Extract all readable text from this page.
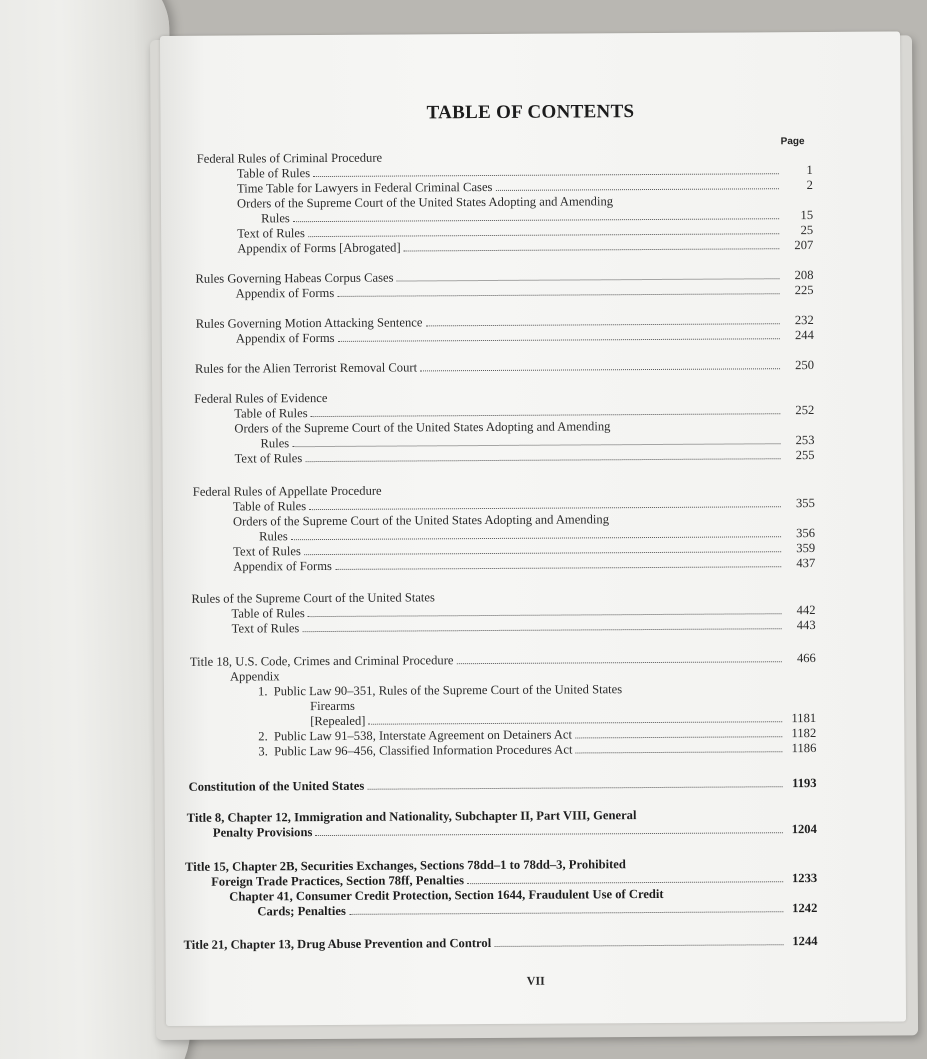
TABLE OF CONTENTS
Page
Federal Rules of Criminal Procedure
Table of Rules	1
Time Table for Lawyers in Federal Criminal Cases	2
Orders of the Supreme Court of the United States Adopting and Amending
Rules	15
Text of Rules	25
Appendix of Forms [Abrogated]	207
Rules Governing Habeas Corpus Cases	208
Appendix of Forms	225
Rules Governing Motion Attacking Sentence	232
Appendix of Forms	244
Rules for the Alien Terrorist Removal Court	250
Federal Rules of Evidence
Table of Rules	252
Orders of the Supreme Court of the United States Adopting and Amending
Rules	253
Text of Rules	255
Federal Rules of Appellate Procedure
Table of Rules	355
Orders of the Supreme Court of the United States Adopting and Amending
Rules	356
Text of Rules	359
Appendix of Forms	437
Rules of the Supreme Court of the United States
Table of Rules	442
Text of Rules	443
Title 18, U.S. Code, Crimes and Criminal Procedure	466
Appendix
1. Public Law 90–351, Rules of the Supreme Court of the United States
Firearms
[Repealed]	1181
2. Public Law 91–538, Interstate Agreement on Detainers Act	1182
3. Public Law 96–456, Classified Information Procedures Act	1186
Constitution of the United States	1193
Title 8, Chapter 12, Immigration and Nationality, Subchapter II, Part VIII, General
Penalty Provisions	1204
Title 15, Chapter 2B, Securities Exchanges, Sections 78dd–1 to 78dd–3, Prohibited
Foreign Trade Practices, Section 78ff, Penalties	1233
Chapter 41, Consumer Credit Protection, Section 1644, Fraudulent Use of Credit
Cards; Penalties	1242
Title 21, Chapter 13, Drug Abuse Prevention and Control	1244
VII
